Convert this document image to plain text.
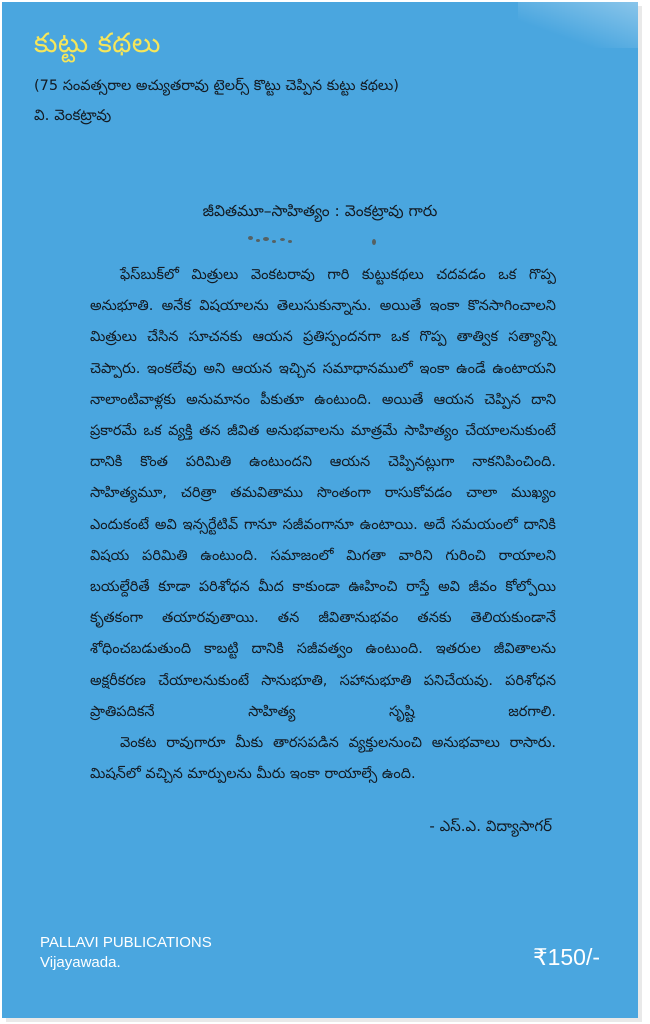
కుట్టు కథలు
(75 సంవత్సరాల అచ్యుతరావు టైలర్స్ కొట్టు చెప్పిన కుట్టు కథలు)
వి. వెంకట్రావు
జీవితమూ–సాహిత్యం : వెంకట్రావు గారు
ఫేస్‌బుక్‌లో మిత్రులు వెంకటరావు గారి కుట్టుకథలు చదవడం ఒక గొప్ప అనుభూతి. అనేక విషయాలను తెలుసుకున్నాను. అయితే ఇంకా కొనసాగించాలని మిత్రులు చేసిన సూచనకు ఆయన ప్రతిస్పందనగా ఒక గొప్ప తాత్విక సత్యాన్ని చెప్పారు. ఇంకలేవు అని ఆయన ఇచ్చిన సమాధానములో ఇంకా ఉండే ఉంటాయని నాలాంటివాళ్లకు అనుమానం పీకుతూ ఉంటుంది. అయితే ఆయన చెప్పిన దాని ప్రకారమే ఒక వ్యక్తి తన జీవిత అనుభవాలను మాత్రమే సాహిత్యం చేయాలనుకుంటే దానికి కొంత పరిమితి ఉంటుందని ఆయన చెప్పినట్లుగా నాకనిపించింది. సాహిత్యమూ, చరిత్రా తమవితాము సొంతంగా రాసుకోవడం చాలా ముఖ్యం ఎందుకంటే అవి ఇన్సర్టేటివ్ గానూ సజీవంగానూ ఉంటాయి. అదే సమయంలో దానికి విషయ పరిమితి ఉంటుంది. సమాజంలో మిగతా వారిని గురించి రాయాలని బయల్దేరితే కూడా పరిశోధన మీద కాకుండా ఊహించి రాస్తే అవి జీవం కోల్పోయి కృతకంగా తయారవుతాయి. తన జీవితానుభవం తనకు తెలియకుండానే శోధించబడుతుంది కాబట్టి దానికి సజీవత్వం ఉంటుంది. ఇతరుల జీవితాలను అక్షరీకరణ చేయాలనుకుంటే సానుభూతి, సహానుభూతి పనిచేయవు. పరిశోధన ప్రాతిపదికనే సాహిత్య సృష్టి జరగాలి.
వెంకట రావుగారూ మీకు తారసపడిన వ్యక్తులనుంచి అనుభవాలు రాసారు. మిషన్‌లో వచ్చిన మార్పులను మీరు ఇంకా రాయాల్సే ఉంది.
- ఎస్.ఎ. విద్యాసాగర్
PALLAVI PUBLICATIONS
Vijayawada.	₹150/-
